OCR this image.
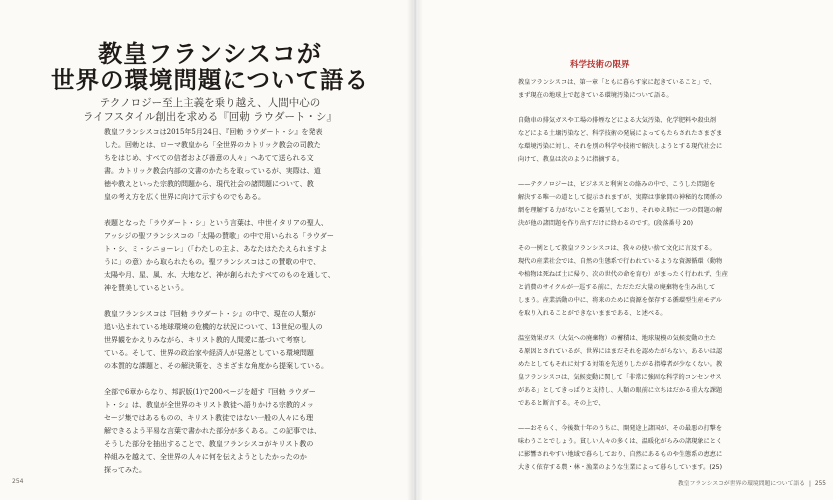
教皇フランシスコが
世界の環境問題について語る
テクノロジー至上主義を乗り越え、人間中心の
ライフスタイル創出を求める『回勅 ラウダート・シ』

教皇フランシスコは2015年5月24日、『回勅 ラウダート・シ』を発表
した。回勅とは、ローマ教皇から「全世界のカトリック教会の司教た
ちをはじめ、すべての信者および善意の人々」へあてて送られる文
書。カトリック教会内部の文書のかたちを取っているが、実際は、道
徳や教えといった宗教的問題から、現代社会の諸問題について、教
皇の考え方を広く世界に向けて示すものでもある。

表題となった「ラウダート・シ」という言葉は、中世イタリアの聖人、
アッシジの聖フランシスコの「太陽の賛歌」の中で用いられる「ラウダー
ト・シ、ミ・シニョーレ」（「わたしの主よ、あなたはたたえられますよ
うに」の意）から取られたもの。聖フランシスコはこの賛歌の中で、
太陽や月、星、風、水、大地など、神が創られたすべてのものを通して、
神を賛美しているという。

教皇フランシスコは『回勅 ラウダート・シ』の中で、現在の人類が
追い込まれている地球環境の危機的な状況について、13世紀の聖人の
世界観をかえりみながら、キリスト教的人間愛に基づいて考察し
ている。そして、世界の政治家や経済人が見落としている環境問題
の本質的な課題と、その解決策を、さまざまな角度から提案している。

全部で6章からなり、邦訳版(1)で200ページを超す『回勅 ラウダー
ト・シ』は、教皇が全世界のキリスト教徒へ語りかける宗教的メッ
セージ集ではあるものの、キリスト教徒ではない一般の人々にも理
解できるよう平易な言葉で書かれた部分が多くある。この記事では、
そうした部分を抽出することで、教皇フランシスコがキリスト教の
枠組みを越えて、全世界の人々に何を伝えようとしたかったのか
探ってみた。

254
科学技術の限界

教皇フランシスコは、第一章「ともに暮らす家に起きていること」で、
まず現在の地球上で起きている環境汚染について語る。

自動車の排気ガスや工場の排煙などによる大気汚染、化学肥料や殺虫剤
などによる土壌汚染など、科学技術の発展によってもたらされたさまざま
な環境汚染に対し、それを別の科学や技術で解決しようとする現代社会に
向けて、教皇は次のように指摘する。

——テクノロジーは、ビジネスと利害との絡みの中で、こうした問題を
解決する唯一の道として提示されますが、実際は事象間の神秘的な関係の
網を理解する力がないことを露呈しており、それゆえ時に一つの問題の解
決が他の諸問題を作り出すだけに終わるのです。(段落番号 20)

その一例として教皇フランシスコは、我々の使い捨て文化に言及する。
現代の産業社会では、自然の生態系で行われているような資源循環（動物
や植物は死ねば土に帰り、次の世代の命を育む）がまったく行われず、生産
と消費のサイクルが一巡する前に、ただただ大量の廃棄物を生み出して
しまう。産業活動の中に、将来のために資源を保存する循環型生産モデル
を取り入れることができないままである、と述べる。

温室効果ガス（大気への廃棄物）の蓄積は、地球規模の気候変動の主た
る原因とされているが、世界にはまだそれを認めたがらない、あるいは認
めたとしてもそれに対する対策を先送りしたがる指導者が少なくない。教
皇フランシスコは、気候変動に関して「非常に強固な科学的コンセンサス
がある」としてきっぱりと支持し、人類の眼前に立ちはだかる重大な課題
であると断言する。その上で、

——おそらく、今後数十年のうちに、開発途上諸国が、その最悪の打撃を
味わうことでしょう。貧しい人々の多くは、温暖化がらみの諸現象にとく
に影響されやすい地域で暮らしており、自然にあるものや生態系の恵恵に
大きく依存する農・林・漁業のような生業によって暮らしています。(25)

教皇フランシスコが世界の環境問題について語る | 255
